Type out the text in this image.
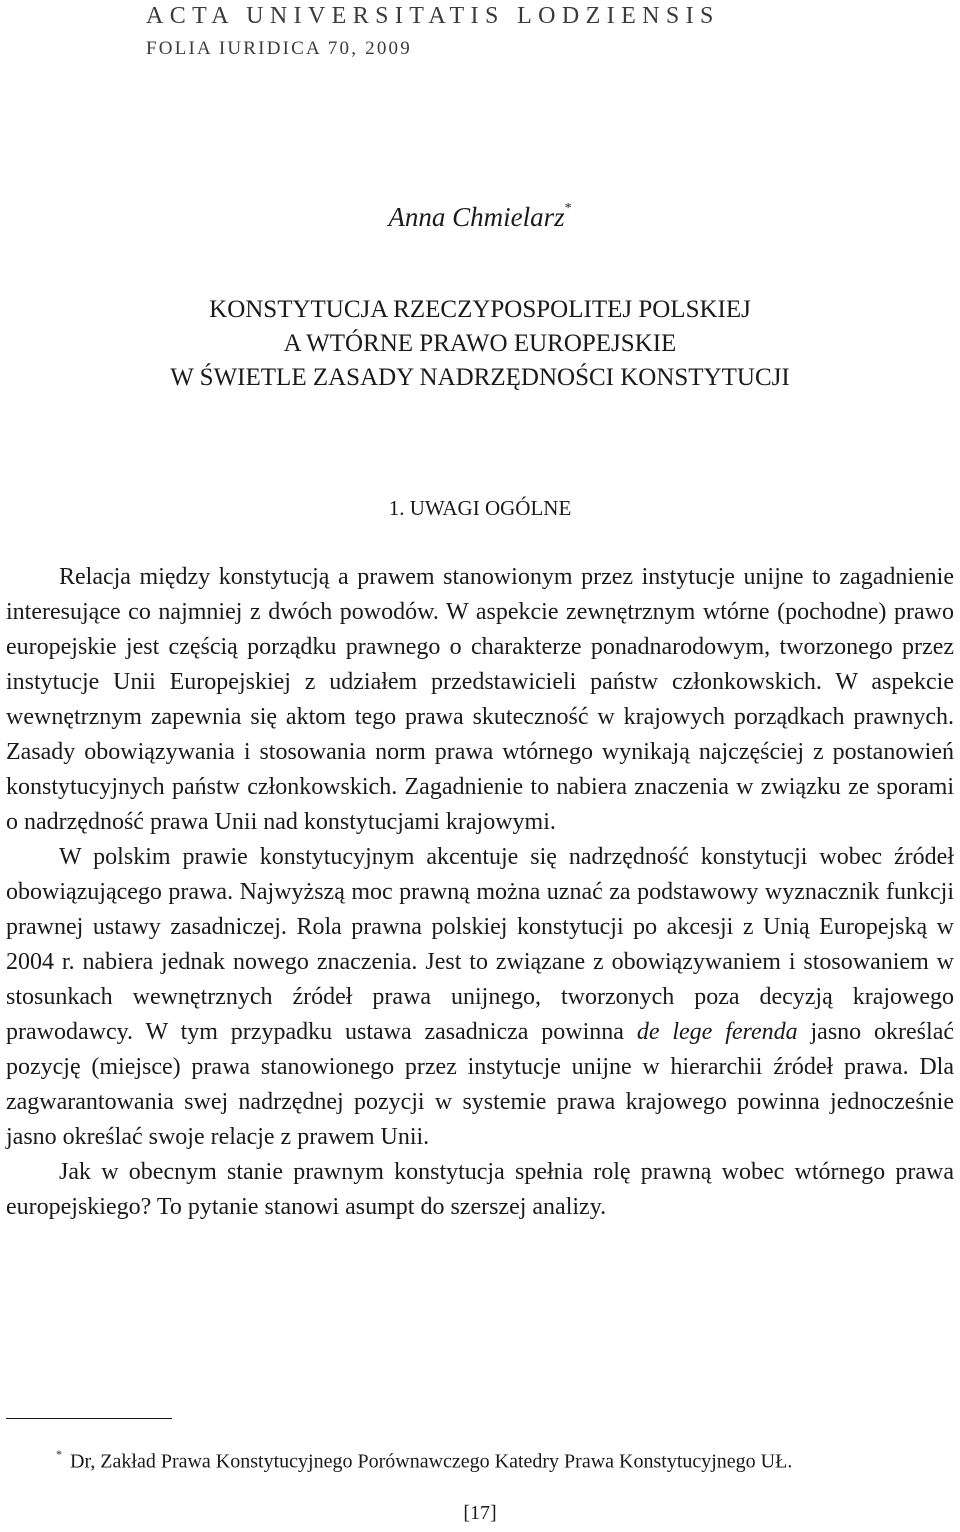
ACTA UNIVERSITATIS LODZIENSIS
FOLIA IURIDICA 70, 2009
Anna Chmielarz*
KONSTYTUCJA RZECZYPOSPOLITEJ POLSKIEJ
A WTÓRNE PRAWO EUROPEJSKIE
W ŚWIETLE ZASADY NADRZĘDNOŚCI KONSTYTUCJI
1. UWAGI OGÓLNE

Relacja między konstytucją a prawem stanowionym przez instytucje unijne to zagadnienie interesujące co najmniej z dwóch powodów. W aspekcie zewnętrznym wtórne (pochodne) prawo europejskie jest częścią porządku prawnego o charakterze ponadnarodowym, tworzonego przez instytucje Unii Europejskiej z udziałem przedstawicieli państw członkowskich. W aspekcie wewnętrznym zapewnia się aktom tego prawa skuteczność w krajowych porządkach prawnych. Zasady obowiązywania i stosowania norm prawa wtórnego wynikają najczęściej z postanowień konstytucyjnych państw członkowskich. Zagadnienie to nabiera znaczenia w związku ze sporami o nadrzędność prawa Unii nad konstytucjami krajowymi.

W polskim prawie konstytucyjnym akcentuje się nadrzędność konstytucji wobec źródeł obowiązującego prawa. Najwyższą moc prawną można uznać za podstawowy wyznacznik funkcji prawnej ustawy zasadniczej. Rola prawna polskiej konstytucji po akcesji z Unią Europejską w 2004 r. nabiera jednak nowego znaczenia. Jest to związane z obowiązywaniem i stosowaniem w stosunkach wewnętrznych źródeł prawa unijnego, tworzonych poza decyzją krajowego prawodawcy. W tym przypadku ustawa zasadnicza powinna de lege ferenda jasno określać pozycję (miejsce) prawa stanowionego przez instytucje unijne w hierarchii źródeł prawa. Dla zagwarantowania swej nadrzędnej pozycji w systemie prawa krajowego powinna jednocześnie jasno określać swoje relacje z prawem Unii.

Jak w obecnym stanie prawnym konstytucja spełnia rolę prawną wobec wtórnego prawa europejskiego? To pytanie stanowi asumpt do szerszej analizy.

* Dr, Zakład Prawa Konstytucyjnego Porównawczego Katedry Prawa Konstytucyjnego UŁ.
[17]
